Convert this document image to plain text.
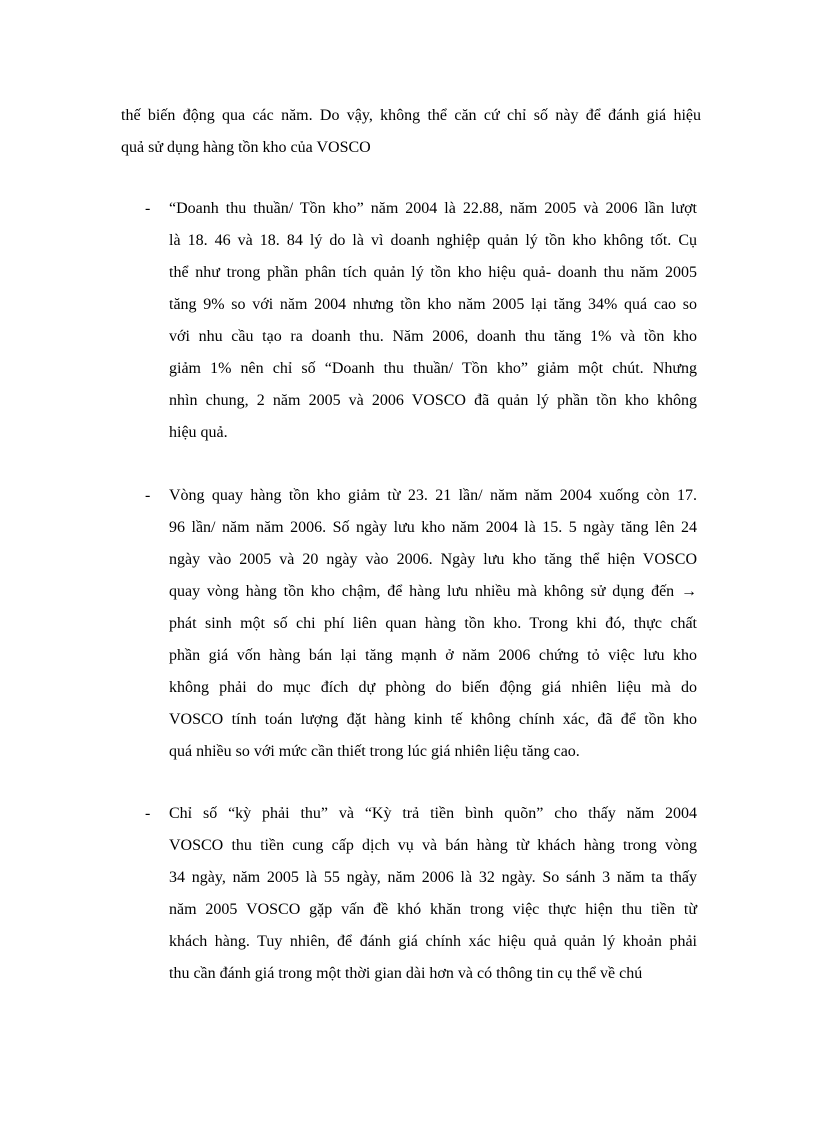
thế biến động qua các năm. Do vậy, không thể căn cứ chỉ số này để đánh giá hiệu
quả sử dụng hàng tồn kho của VOSCO
- “Doanh thu thuần/ Tồn kho” năm 2004 là 22.88, năm 2005 và 2006 lần lượt
là 18. 46 và 18. 84 lý do là vì doanh nghiệp quản lý tồn kho không tốt. Cụ
thể như trong phần phân tích quản lý tồn kho hiệu quả- doanh thu năm 2005
tăng 9% so với năm 2004 nhưng tồn kho năm 2005 lại tăng 34% quá cao so
với nhu cầu tạo ra doanh thu. Năm 2006, doanh thu tăng 1% và tồn kho
giảm 1% nên chỉ số “Doanh thu thuần/ Tồn kho” giảm một chút. Nhưng
nhìn chung, 2 năm 2005 và 2006 VOSCO đã quản lý phần tồn kho không
hiệu quả.
- Vòng quay hàng tồn kho giảm từ 23. 21 lần/ năm năm 2004 xuống còn 17.
96 lần/ năm năm 2006. Số ngày lưu kho năm 2004 là 15. 5 ngày tăng lên 24
ngày vào 2005 và 20 ngày vào 2006. Ngày lưu kho tăng thể hiện VOSCO
quay vòng hàng tồn kho chậm, để hàng lưu nhiều mà không sử dụng đến →
phát sinh một số chi phí liên quan hàng tồn kho. Trong khi đó, thực chất
phần giá vốn hàng bán lại tăng mạnh ở năm 2006 chứng tỏ việc lưu kho
không phải do mục đích dự phòng do biến động giá nhiên liệu mà do
VOSCO tính toán lượng đặt hàng kinh tế không chính xác, đã để tồn kho
quá nhiều so với mức cần thiết trong lúc giá nhiên liệu tăng cao.
- Chỉ số “kỳ phải thu” và “Kỳ trả tiền bình quõn” cho thấy năm 2004
VOSCO thu tiền cung cấp dịch vụ và bán hàng từ khách hàng trong vòng
34 ngày, năm 2005 là 55 ngày, năm 2006 là 32 ngày. So sánh 3 năm ta thấy
năm 2005 VOSCO gặp vấn đề khó khăn trong việc thực hiện thu tiền từ
khách hàng. Tuy nhiên, để đánh giá chính xác hiệu quả quản lý khoản phải
thu cần đánh giá trong một thời gian dài hơn và có thông tin cụ thể về chú
